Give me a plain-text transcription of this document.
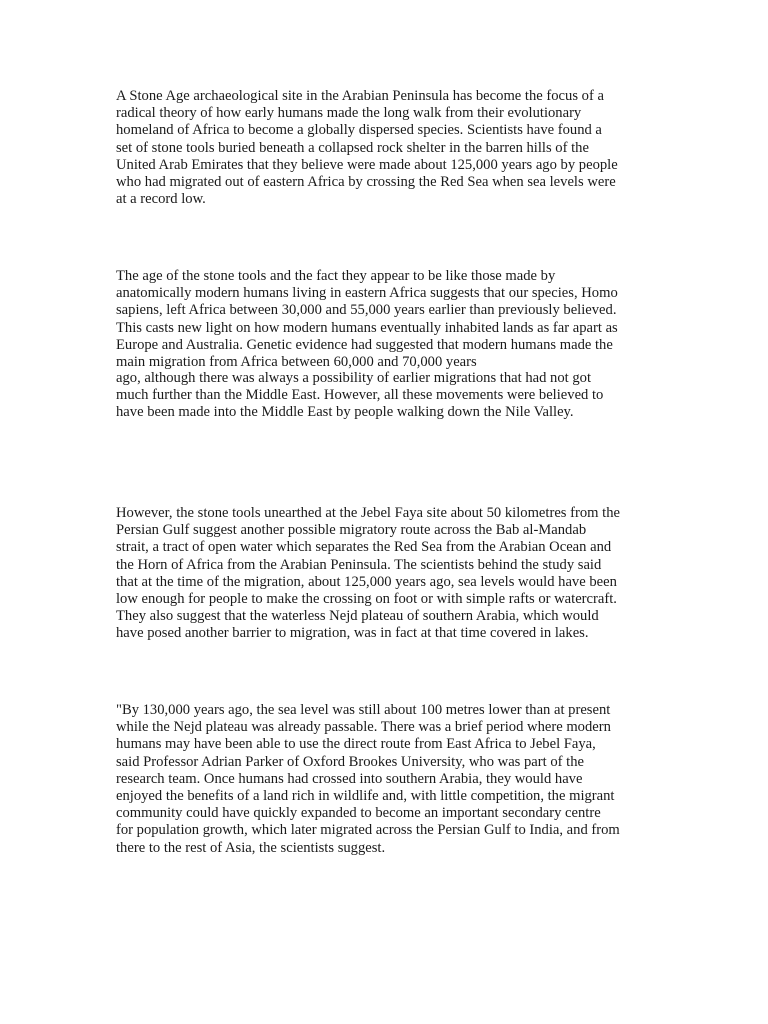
A Stone Age archaeological site in the Arabian Peninsula has become the focus of a
radical theory of how early humans made the long walk from their evolutionary
homeland of Africa to become a globally dispersed species. Scientists have found a
set of stone tools buried beneath a collapsed rock shelter in the barren hills of the
United Arab Emirates that they believe were made about 125,000 years ago by people
who had migrated out of eastern Africa by crossing the Red Sea when sea levels were
at a record low.

The age of the stone tools and the fact they appear to be like those made by
anatomically modern humans living in eastern Africa suggests that our species, Homo
sapiens, left Africa between 30,000 and 55,000 years earlier than previously believed.
This casts new light on how modern humans eventually inhabited lands as far apart as
Europe and Australia. Genetic evidence had suggested that modern humans made the
main migration from Africa between 60,000 and 70,000 years

ago, although there was always a possibility of earlier migrations that had not got
much further than the Middle East. However, all these movements were believed to
have been made into the Middle East by people walking down the Nile Valley.

However, the stone tools unearthed at the Jebel Faya site about 50 kilometres from the
Persian Gulf suggest another possible migratory route across the Bab al-Mandab
strait, a tract of open water which separates the Red Sea from the Arabian Ocean and
the Horn of Africa from the Arabian Peninsula. The scientists behind the study said
that at the time of the migration, about 125,000 years ago, sea levels would have been
low enough for people to make the crossing on foot or with simple rafts or watercraft.
They also suggest that the waterless Nejd plateau of southern Arabia, which would
have posed another barrier to migration, was in fact at that time covered in lakes.

"By 130,000 years ago, the sea level was still about 100 metres lower than at present
while the Nejd plateau was already passable. There was a brief period where modern
humans may have been able to use the direct route from East Africa to Jebel Faya,
said Professor Adrian Parker of Oxford Brookes University, who was part of the
research team. Once humans had crossed into southern Arabia, they would have
enjoyed the benefits of a land rich in wildlife and, with little competition, the migrant
community could have quickly expanded to become an important secondary centre
for population growth, which later migrated across the Persian Gulf to India, and from
there to the rest of Asia, the scientists suggest.
